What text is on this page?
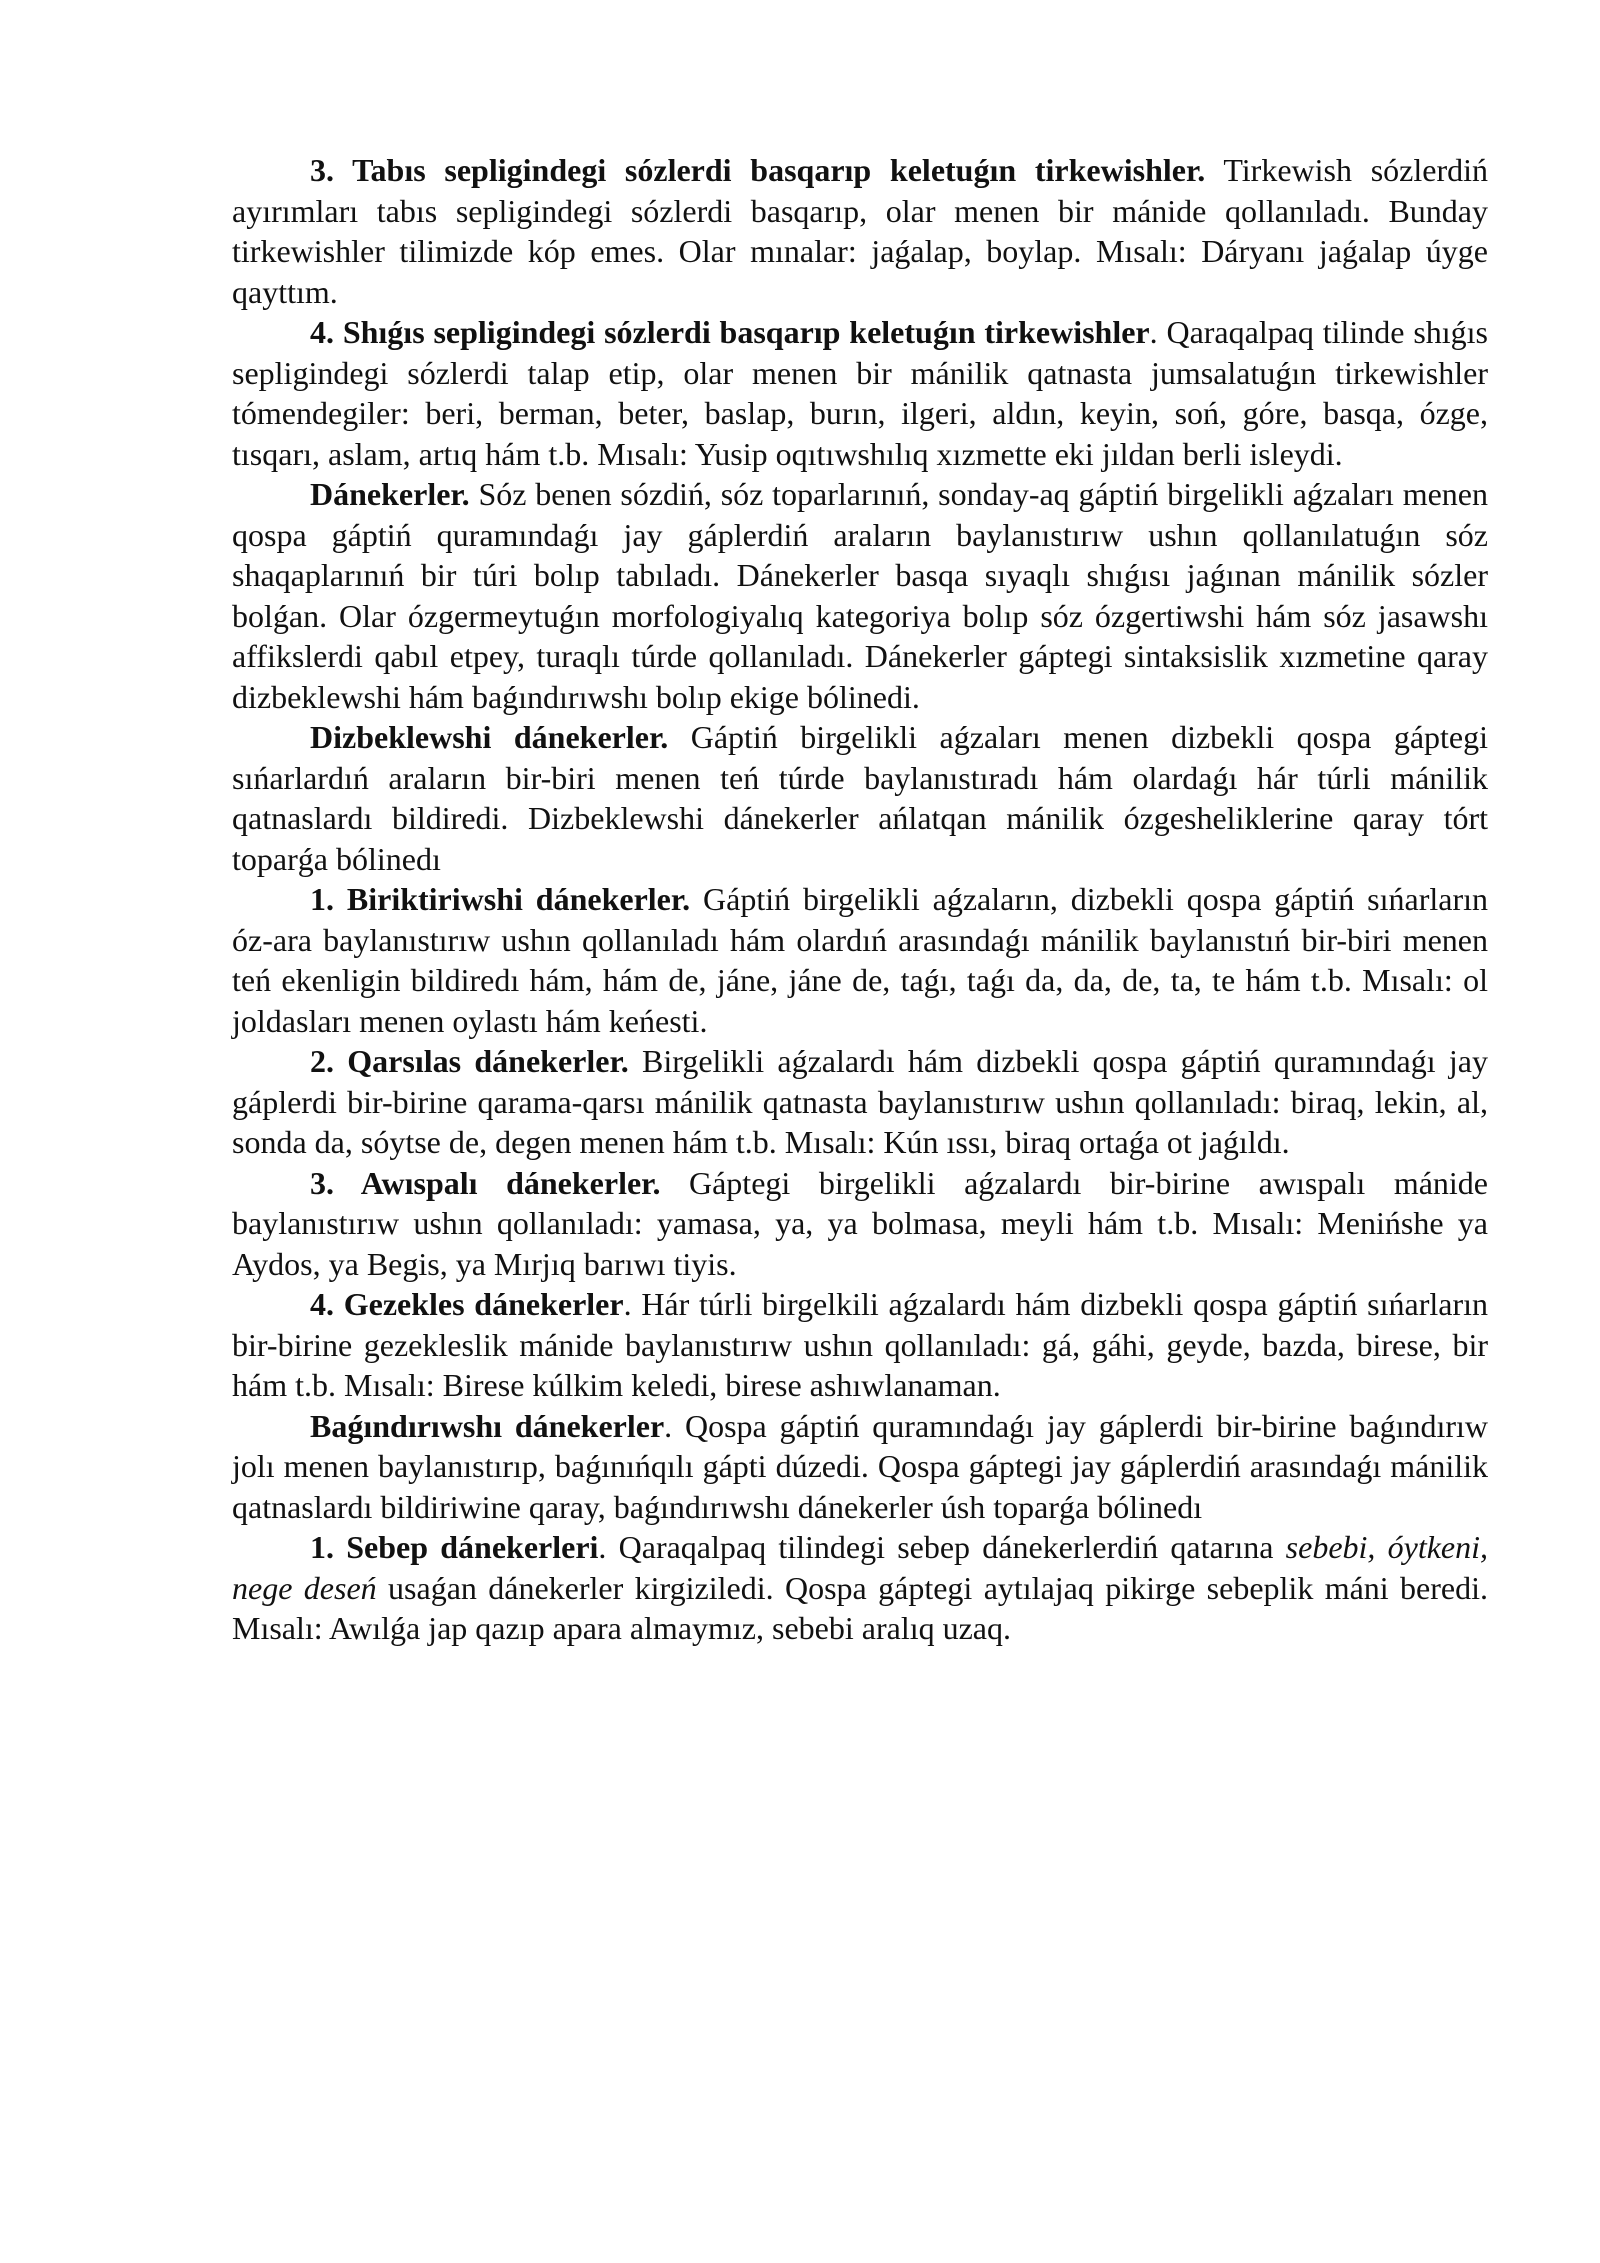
3. Tabıs sepligindegi sózlerdi basqarıp keletuǵın tirkewishler. Tirkewish sózlerdiń ayırımları tabıs sepligindegi sózlerdi basqarıp, olar menen bir mánide qollanıladı. Bunday tirkewishler tilimizde kóp emes. Olar mınalar: jaǵalap, boylap. Mısalı: Dáryanı jaǵalap úyge qayttım.

4. Shıǵıs sepligindegi sózlerdi basqarıp keletuǵın tirkewishler. Qaraqalpaq tilinde shıǵıs sepligindegi sózlerdi talap etip, olar menen bir mánilik qatnasta jumsalatuǵın tirkewishler tómendegiler: beri, berman, beter, baslap, burın, ilgeri, aldın, keyin, soń, góre, basqa, ózge, tısqarı, aslam, artıq hám t.b. Mısalı: Yusip oqıtıwshılıq xızmette eki jıldan berli isleydi.

Dánekerler. Sóz benen sózdiń, sóz toparlarınıń, sonday-aq gáptiń birgelikli aǵzaları menen qospa gáptiń quramındaǵı jay gáplerdiń araların baylanıstırıw ushın qollanılatuǵın sóz shaqaplarınıń bir túri bolıp tabıladı. Dánekerler basqa sıyaqlı shıǵısı jaǵınan mánilik sózler bolǵan. Olar ózgermeytuǵın morfologiyalıq kategoriya bolıp sóz ózgertiwshi hám sóz jasawshı affikslerdi qabıl etpey, turaqlı túrde qollanıladı. Dánekerler gáptegi sintaksislik xızmetine qaray dizbeklewshi hám baǵındırıwshı bolıp ekige bólinedi.

Dizbeklewshi dánekerler. Gáptiń birgelikli aǵzaları menen dizbekli qospa gáptegi sıńarlardıń araların bir-biri menen teń túrde baylanıstıradı hám olardaǵı hár túrli mánilik qatnaslardı bildiredi. Dizbeklewshi dánekerler ańlatqan mánilik ózgesheliklerine qaray tórt toparǵa bólinedı

1. Biriktiriwshi dánekerler. Gáptiń birgelikli aǵzaların, dizbekli qospa gáptiń sıńarların óz-ara baylanıstırıw ushın qollanıladı hám olardıń arasındaǵı mánilik baylanıstıń bir-biri menen teń ekenligin bildiredı hám, hám de, jáne, jáne de, taǵı, taǵı da, da, de, ta, te hám t.b. Mısalı: ol joldasları menen oylastı hám keńesti.

2. Qarsılas dánekerler. Birgelikli aǵzalardı hám dizbekli qospa gáptiń quramındaǵı jay gáplerdi bir-birine qarama-qarsı mánilik qatnasta baylanıstırıw ushın qollanıladı: biraq, lekin, al, sonda da, sóytse de, degen menen hám t.b. Mısalı: Kún ıssı, biraq ortaǵa ot jaǵıldı.

3. Awıspalı dánekerler. Gáptegi birgelikli aǵzalardı bir-birine awıspalı mánide baylanıstırıw ushın qollanıladı: yamasa, ya, ya bolmasa, meyli hám t.b. Mısalı: Menińshe ya Aydos, ya Begis, ya Mırjıq barıwı tiyis.

4. Gezekles dánekerler. Hár túrli birgelkili aǵzalardı hám dizbekli qospa gáptiń sıńarların bir-birine gezekleslik mánide baylanıstırıw ushın qollanıladı: gá, gáhi, geyde, bazda, birese, bir hám t.b. Mısalı: Birese kúlkim keledi, birese ashıwlanaman.

Baǵındırıwshı dánekerler. Qospa gáptiń quramındaǵı jay gáplerdi bir-birine baǵındırıw jolı menen baylanıstırıp, baǵınıńqılı gápti dúzedi. Qospa gáptegi jay gáplerdiń arasındaǵı mánilik qatnaslardı bildiriwine qaray, baǵındırıwshı dánekerler úsh toparǵa bólinedı

1. Sebep dánekerleri. Qaraqalpaq tilindegi sebep dánekerlerdiń qatarına sebebi, óytkeni, nege deseń usaǵan dánekerler kirgiziledi. Qospa gáptegi aytılajaq pikirge sebeplik máni beredi. Mısalı: Awılǵa jap qazıp apara almaymız, sebebi aralıq uzaq.
